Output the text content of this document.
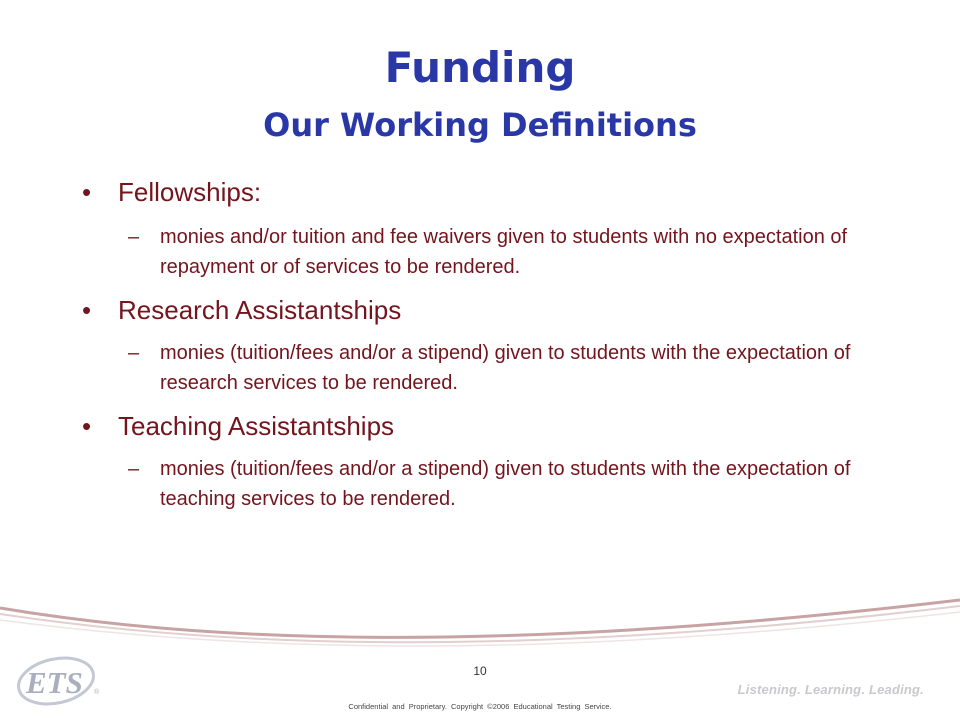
Funding
Our Working Definitions
•	Fellowships:
–	monies and/or tuition and fee waivers given to students with no expectation of repayment or of services to be rendered.
•	Research Assistantships
–	monies (tuition/fees and/or a stipend) given to students with the expectation of research services to be rendered.
•	Teaching Assistantships
–	monies (tuition/fees and/or a stipend) given to students with the expectation of teaching services to be rendered.
10
ETS ®	Listening. Learning. Leading.
Confidential and Proprietary. Copyright ©2006 Educational Testing Service.
